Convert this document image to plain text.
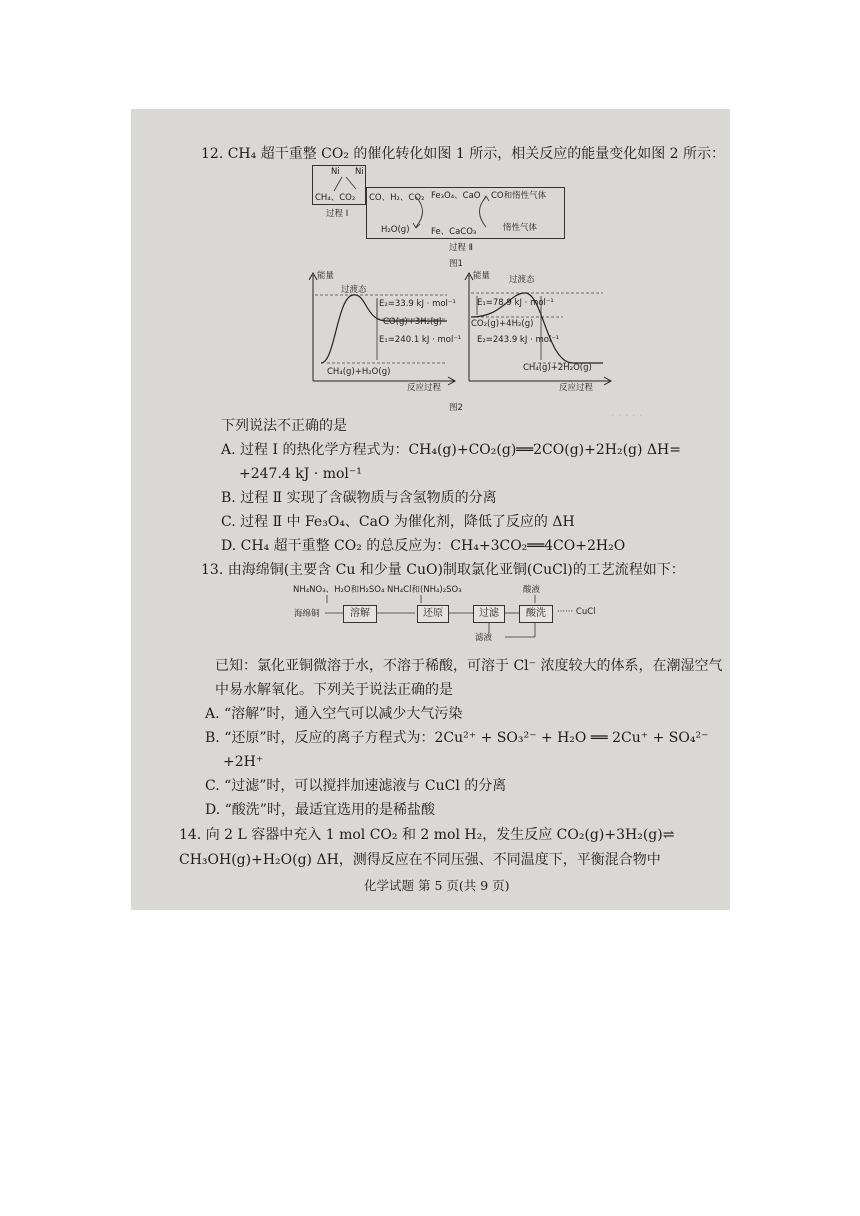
· · · · ·
12. CH₄ 超干重整 CO₂ 的催化转化如图 1 所示，相关反应的能量变化如图 2 所示：
Ni Ni
CH₄、CO₂ CO、H₂、CO₂ Fe₃O₄、CaO CO和惰性气体
H₂O(g)	Fe、CaCO₃	惰性气体
过程 Ⅰ
过程 Ⅱ
图1
能量
过渡态
E₂=33.9 kJ · mol⁻¹
CO(g)+3H₂(g)
E₁=240.1 kJ · mol⁻¹
CH₄(g)+H₂O(g)
反应过程
能量 过渡态
E₁=78.9 kJ · mol⁻¹
CO₂(g)+4H₂(g)
E₂=243.9 kJ · mol⁻¹
CH₄(g)+2H₂O(g)
反应过程
图2
下列说法不正确的是
A. 过程 Ⅰ 的热化学方程式为：CH₄(g)+CO₂(g)══2CO(g)+2H₂(g) ΔH=
+247.4 kJ · mol⁻¹
B. 过程 Ⅱ 实现了含碳物质与含氢物质的分离
C. 过程 Ⅱ 中 Fe₃O₄、CaO 为催化剂，降低了反应的 ΔH
D. CH₄ 超干重整 CO₂ 的总反应为：CH₄+3CO₂══4CO+2H₂O
13. 由海绵铜(主要含 Cu 和少量 CuO)制取氯化亚铜(CuCl)的工艺流程如下：
NH₄NO₃、H₂O和H₂SO₄ NH₄Cl和(NH₄)₂SO₃	酸液
海绵铜	溶解	还原	过滤	酸洗	······ CuCl
滤液
已知：氯化亚铜微溶于水，不溶于稀酸，可溶于 Cl⁻ 浓度较大的体系，在潮湿空气
中易水解氧化。下列关于说法正确的是
A. “溶解”时，通入空气可以减少大气污染
B. “还原”时，反应的离子方程式为：2Cu²⁺ + SO₃²⁻ + H₂O ══ 2Cu⁺ + SO₄²⁻
+2H⁺
C. “过滤”时，可以搅拌加速滤液与 CuCl 的分离
D. “酸洗”时，最适宜选用的是稀盐酸
14. 向 2 L 容器中充入 1 mol CO₂ 和 2 mol H₂，发生反应 CO₂(g)+3H₂(g)⇌
CH₃OH(g)+H₂O(g) ΔH，测得反应在不同压强、不同温度下，平衡混合物中
化学试题 第 5 页(共 9 页)
